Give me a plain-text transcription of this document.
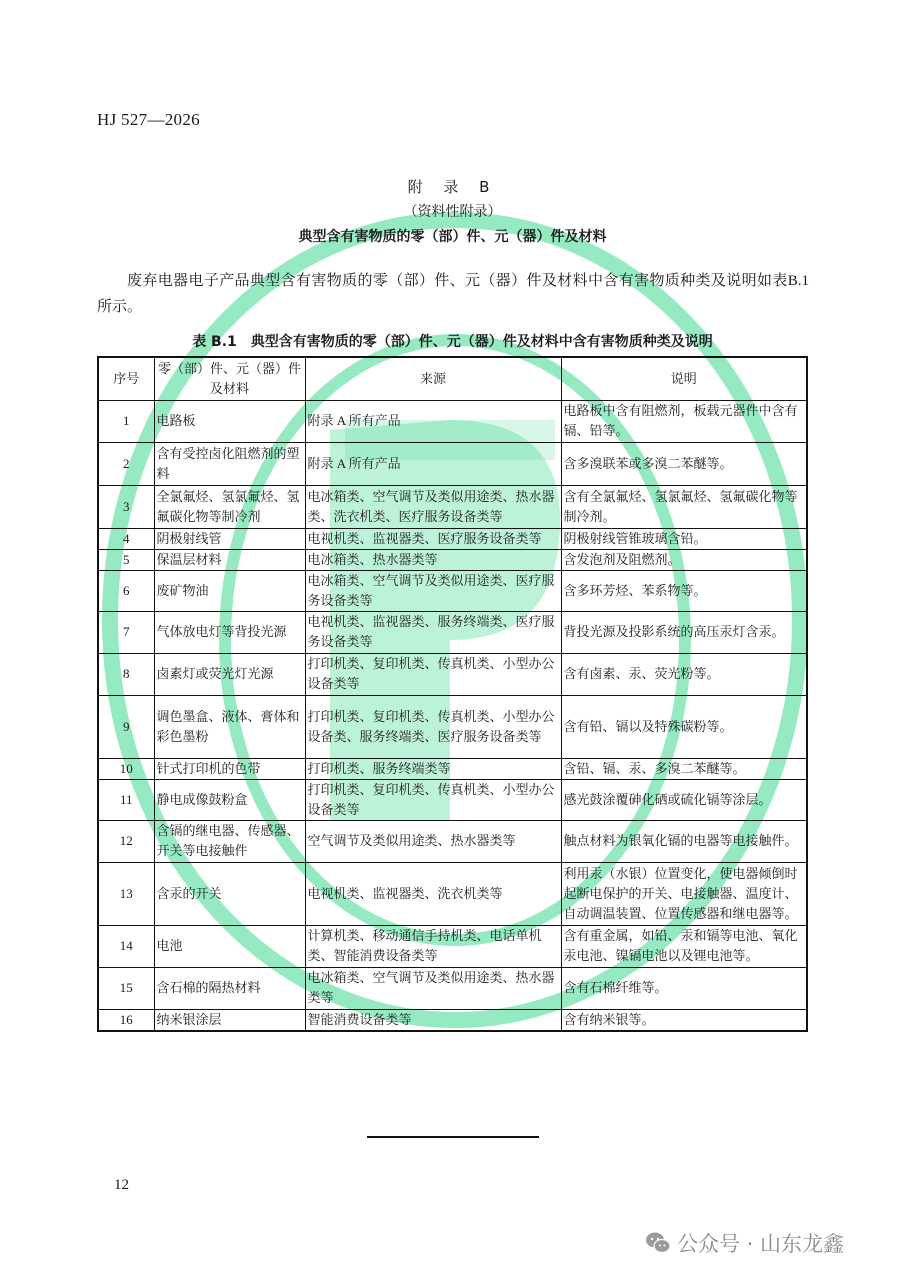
HJ 527—2026
附 录 B
（资料性附录）
典型含有害物质的零（部）件、元（器）件及材料
废弃电器电子产品典型含有害物质的零（部）件、元（器）件及材料中含有害物质种类及说明如表B.1 所示。
表 B.1　典型含有害物质的零（部）件、元（器）件及材料中含有害物质种类及说明
序号	零（部）件、元（器）件及材料	来源	说明
1	电路板	附录 A 所有产品	电路板中含有阻燃剂，板载元器件中含有镉、铅等。
2	含有受控卤化阻燃剂的塑料	附录 A 所有产品	含多溴联苯或多溴二苯醚等。
3	全氯氟烃、氢氯氟烃、氢氟碳化物等制冷剂	电冰箱类、空气调节及类似用途类、热水器类、洗衣机类、医疗服务设备类等	含有全氯氟烃、氢氯氟烃、氢氟碳化物等制冷剂。
4	阴极射线管	电视机类、监视器类、医疗服务设备类等	阴极射线管锥玻璃含铅。
5	保温层材料	电冰箱类、热水器类等	含发泡剂及阻燃剂。
6	废矿物油	电冰箱类、空气调节及类似用途类、医疗服务设备类等	含多环芳烃、苯系物等。
7	气体放电灯等背投光源	电视机类、监视器类、服务终端类、医疗服务设备类等	背投光源及投影系统的高压汞灯含汞。
8	卤素灯或荧光灯光源	打印机类、复印机类、传真机类、小型办公设备类等	含有卤素、汞、荧光粉等。
9	调色墨盒、液体、膏体和彩色墨粉	打印机类、复印机类、传真机类、小型办公设备类、服务终端类、医疗服务设备类等	含有铅、镉以及特殊碳粉等。
10	针式打印机的色带	打印机类、服务终端类等	含铅、镉、汞、多溴二苯醚等。
11	静电成像鼓粉盒	打印机类、复印机类、传真机类、小型办公设备类等	感光鼓涂覆砷化硒或硫化镉等涂层。
12	含镉的继电器、传感器、开关等电接触件	空气调节及类似用途类、热水器类等	触点材料为银氧化镉的电器等电接触件。
13	含汞的开关	电视机类、监视器类、洗衣机类等	利用汞（水银）位置变化，使电器倾倒时起断电保护的开关、电接触器、温度计、自动调温装置、位置传感器和继电器等。
14	电池	计算机类、移动通信手持机类、电话单机类、智能消费设备类等	含有重金属，如铅、汞和镉等电池、氧化汞电池、镍镉电池以及锂电池等。
15	含石棉的隔热材料	电冰箱类、空气调节及类似用途类、热水器类等	含有石棉纤维等。
16	纳米银涂层	智能消费设备类等	含有纳米银等。
12
公众号 · 山东龙鑫
